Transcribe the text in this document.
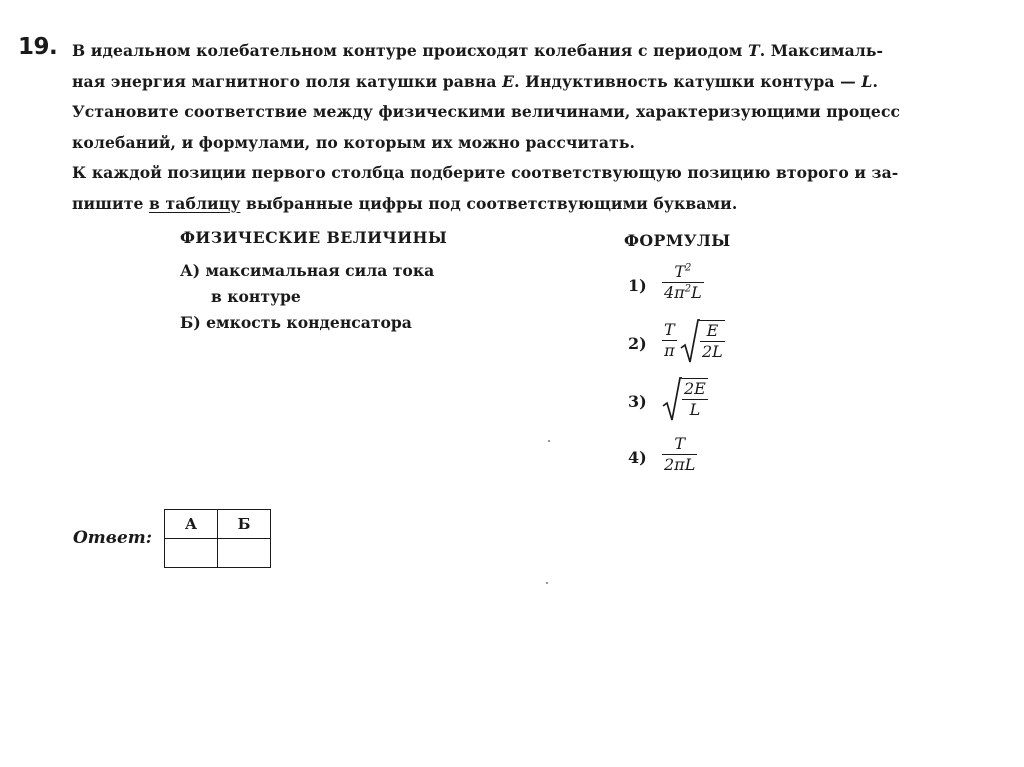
19. В идеальном колебательном контуре происходят колебания с периодом T. Максималь-
ная энергия магнитного поля катушки равна E. Индуктивность катушки контура — L.
Установите соответствие между физическими величинами, характеризующими процесс
колебаний, и формулами, по которым их можно рассчитать.
К каждой позиции первого столбца подберите соответствующую позицию второго и за-
пишите в таблицу выбранные цифры под соответствующими буквами.
ФИЗИЧЕСКИЕ ВЕЛИЧИНЫ	ФОРМУЛЫ
А) максимальная сила тока
в контуре
Б) емкость конденсатора
1)
$T^2$
$4\pi^2L$
2)
T
π
E
2L
3)
2E
L
4)
T
2πL
Ответ:
А	Б
